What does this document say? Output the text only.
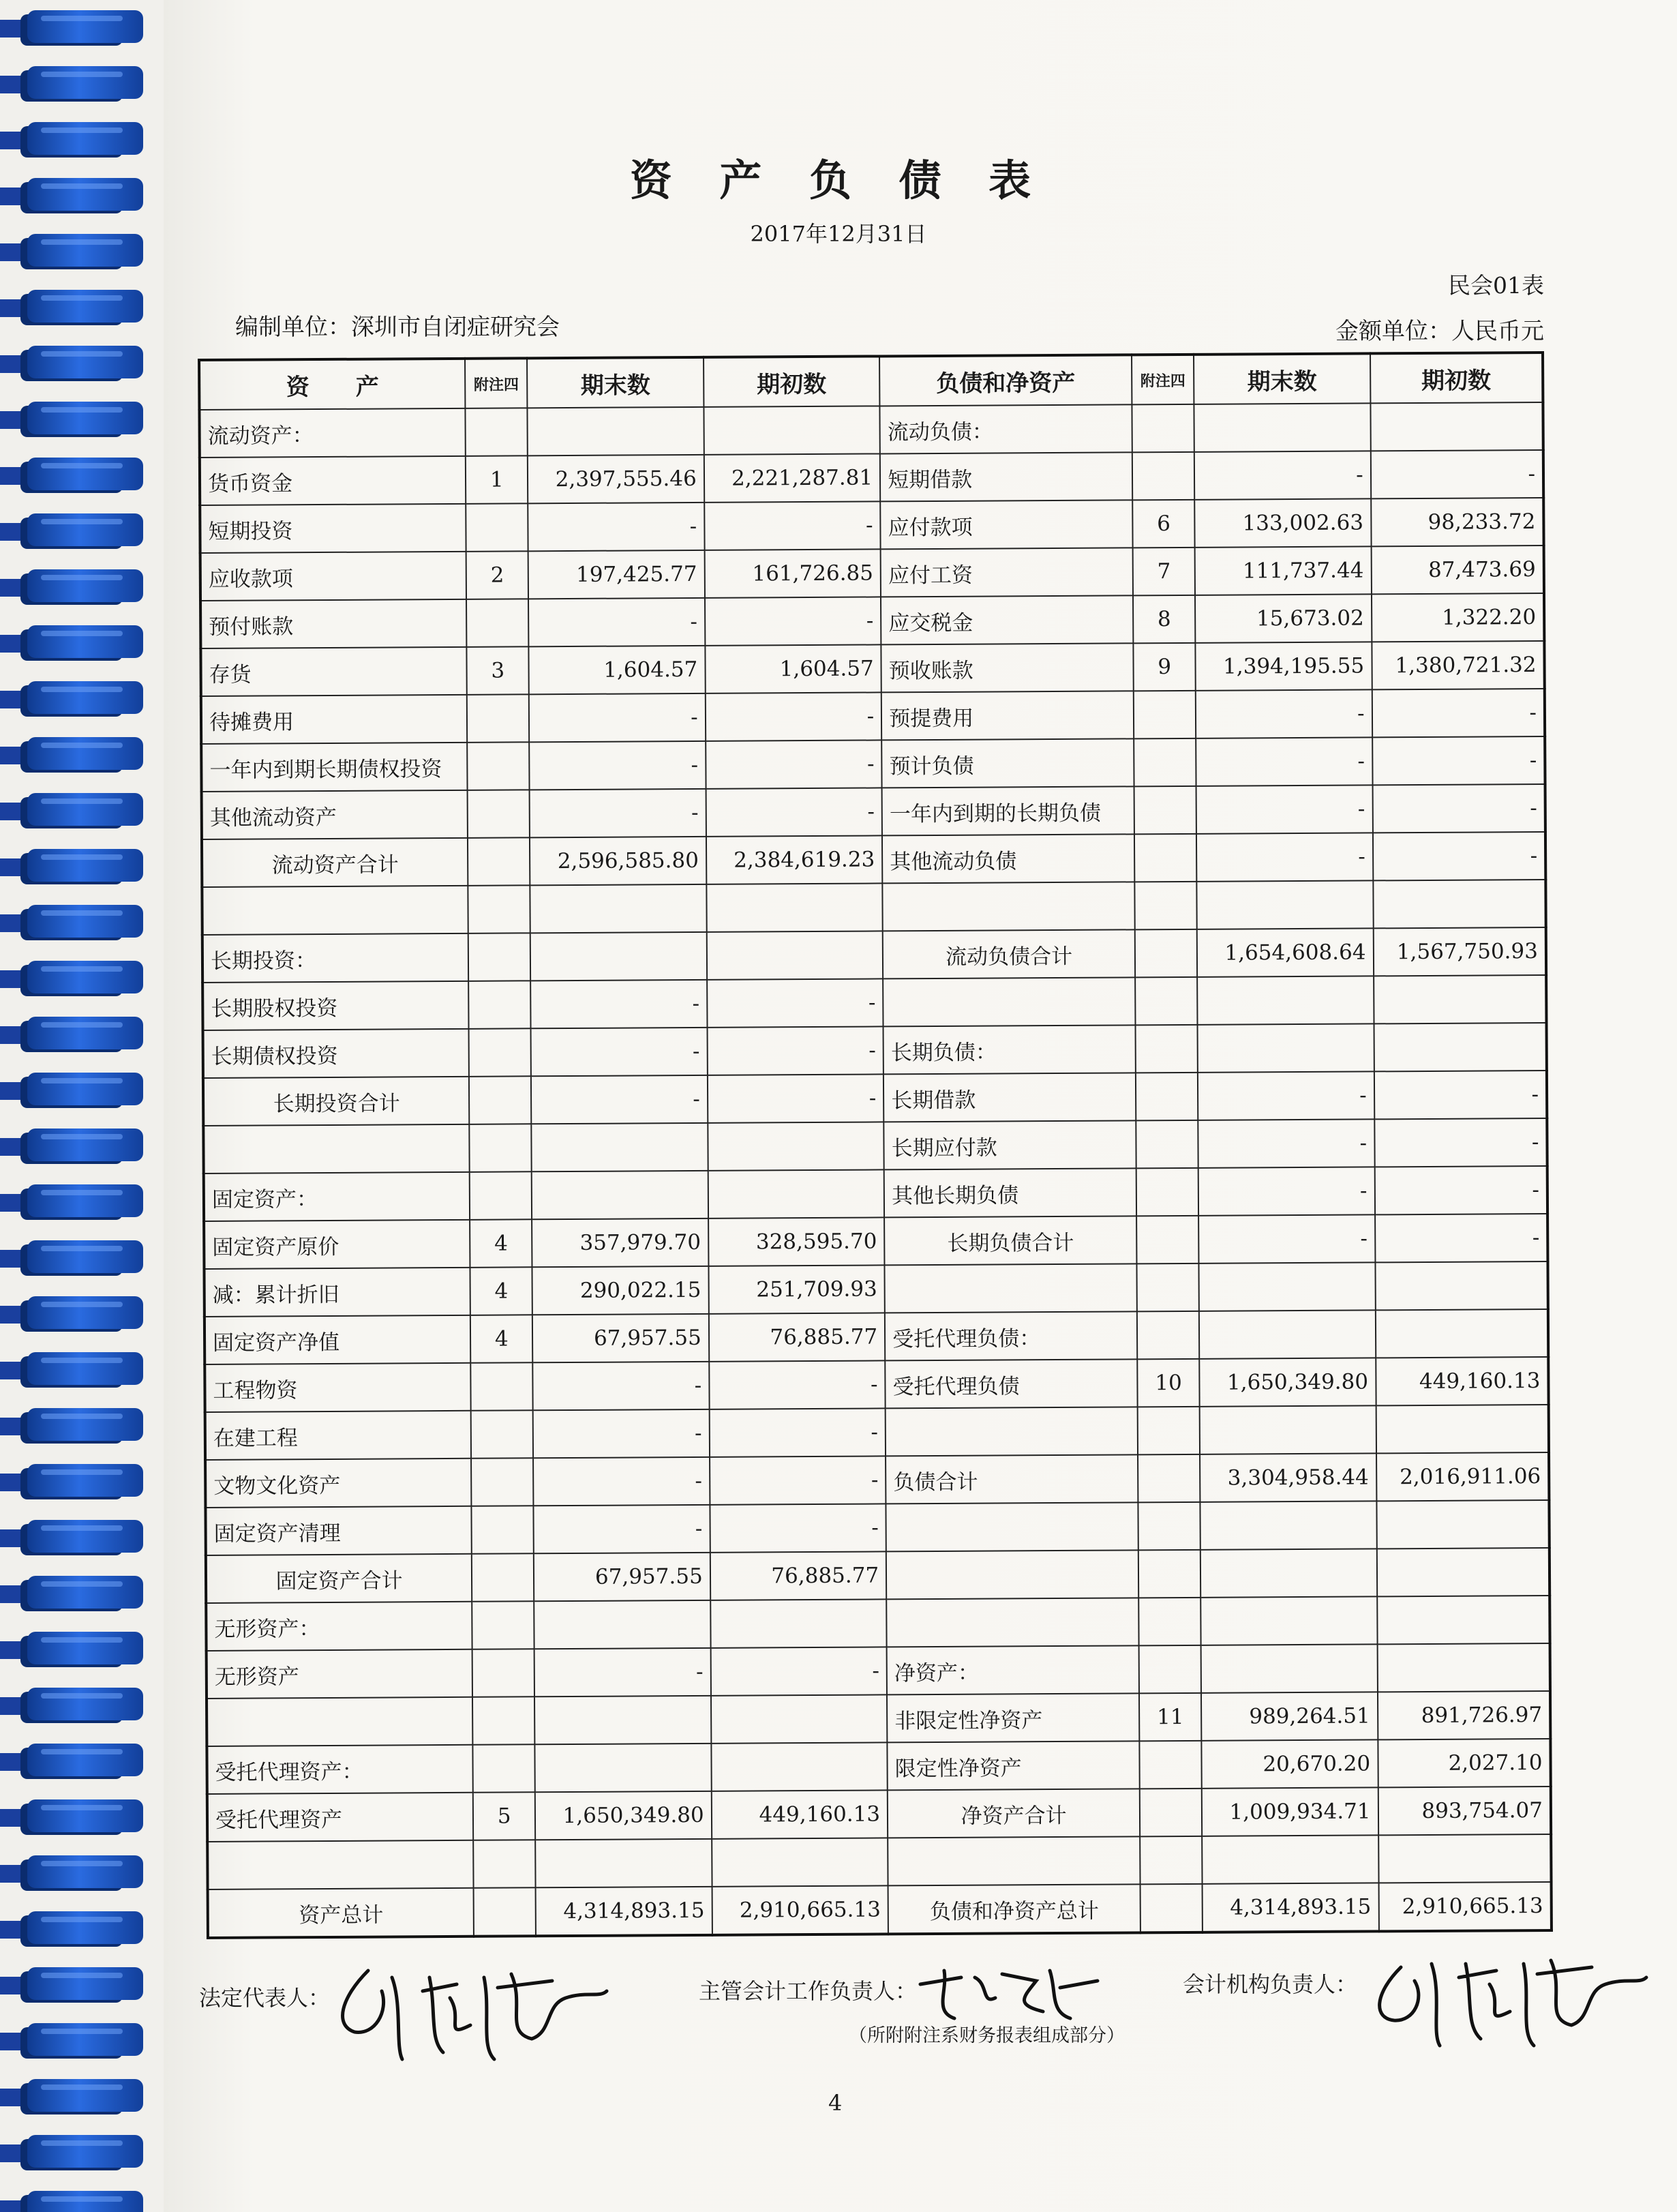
资 产 负 债 表
2017年12月31日
民会01表
编制单位：深圳市自闭症研究会	金额单位：人民币元
资　　产	附注四	期末数	期初数	负债和净资产	附注四	期末数	期初数
流动资产：				流动负债：			
货币资金	1	2,397,555.46	2,221,287.81	短期借款		-	-
短期投资		-	-	应付款项	6	133,002.63	98,233.72
应收款项	2	197,425.77	161,726.85	应付工资	7	111,737.44	87,473.69
预付账款		-	-	应交税金	8	15,673.02	1,322.20
存货	3	1,604.57	1,604.57	预收账款	9	1,394,195.55	1,380,721.32
待摊费用		-	-	预提费用		-	-
一年内到期长期债权投资		-	-	预计负债		-	-
其他流动资产		-	-	一年内到期的长期负债		-	-
流动资产合计		2,596,585.80	2,384,619.23	其他流动负债		-	-

长期投资：				流动负债合计		1,654,608.64	1,567,750.93
长期股权投资		-	-				
长期债权投资		-	-	长期负债：			
长期投资合计		-	-	长期借款		-	-
				长期应付款		-	-
固定资产：				其他长期负债		-	-
固定资产原价	4	357,979.70	328,595.70	长期负债合计		-	-
减：累计折旧	4	290,022.15	251,709.93				
固定资产净值	4	67,957.55	76,885.77	受托代理负债：			
工程物资		-	-	受托代理负债	10	1,650,349.80	449,160.13
在建工程		-	-				
文物文化资产		-	-	负债合计		3,304,958.44	2,016,911.06
固定资产清理		-	-				
固定资产合计		67,957.55	76,885.77				
无形资产：							
无形资产		-	-	净资产：			
				非限定性净资产	11	989,264.51	891,726.97
受托代理资产：				限定性净资产		20,670.20	2,027.10
受托代理资产	5	1,650,349.80	449,160.13	净资产合计		1,009,934.71	893,754.07

资产总计		4,314,893.15	2,910,665.13	负债和净资产总计		4,314,893.15	2,910,665.13
法定代表人：	主管会计工作负责人：	会计机构负责人：
（所附附注系财务报表组成部分）
4
